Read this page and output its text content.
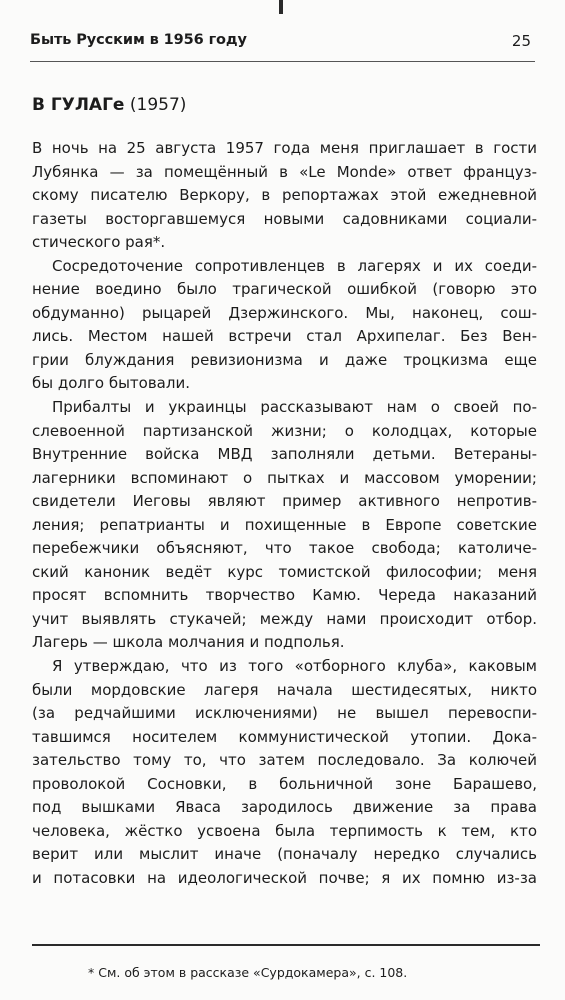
Быть Русским в 1956 году	25
В ГУЛАГе (1957)
В ночь на 25 августа 1957 года меня приглашает в гости
Лубянка — за помещённый в «Le Monde» ответ француз-
скому писателю Веркору, в репортажах этой ежедневной
газеты восторгавшемуся новыми садовниками социали-
стического рая*.
Сосредоточение сопротивленцев в лагерях и их соеди-
нение воедино было трагической ошибкой (говорю это
обдуманно) рыцарей Дзержинского. Мы, наконец, сош-
лись. Местом нашей встречи стал Архипелаг. Без Вен-
грии блуждания ревизионизма и даже троцкизма еще
бы долго бытовали.
Прибалты и украинцы рассказывают нам о своей по-
слевоенной партизанской жизни; о колодцах, которые
Внутренние войска МВД заполняли детьми. Ветераны-
лагерники вспоминают о пытках и массовом уморении;
свидетели Иеговы являют пример активного непротив-
ления; репатрианты и похищенные в Европе советские
перебежчики объясняют, что такое свобода; католиче-
ский каноник ведёт курс томистской философии; меня
просят вспомнить творчество Камю. Череда наказаний
учит выявлять стукачей; между нами происходит отбор.
Лагерь — школа молчания и подполья.
Я утверждаю, что из того «отборного клуба», каковым
были мордовские лагеря начала шестидесятых, никто
(за редчайшими исключениями) не вышел перевоспи-
тавшимся носителем коммунистической утопии. Дока-
зательство тому то, что затем последовало. За колючей
проволокой Сосновки, в больничной зоне Барашево,
под вышками Яваса зародилось движение за права
человека, жёстко усвоена была терпимость к тем, кто
верит или мыслит иначе (поначалу нередко случались
и потасовки на идеологической почве; я их помню из-за
* См. об этом в рассказе «Сурдокамера», с. 108.
